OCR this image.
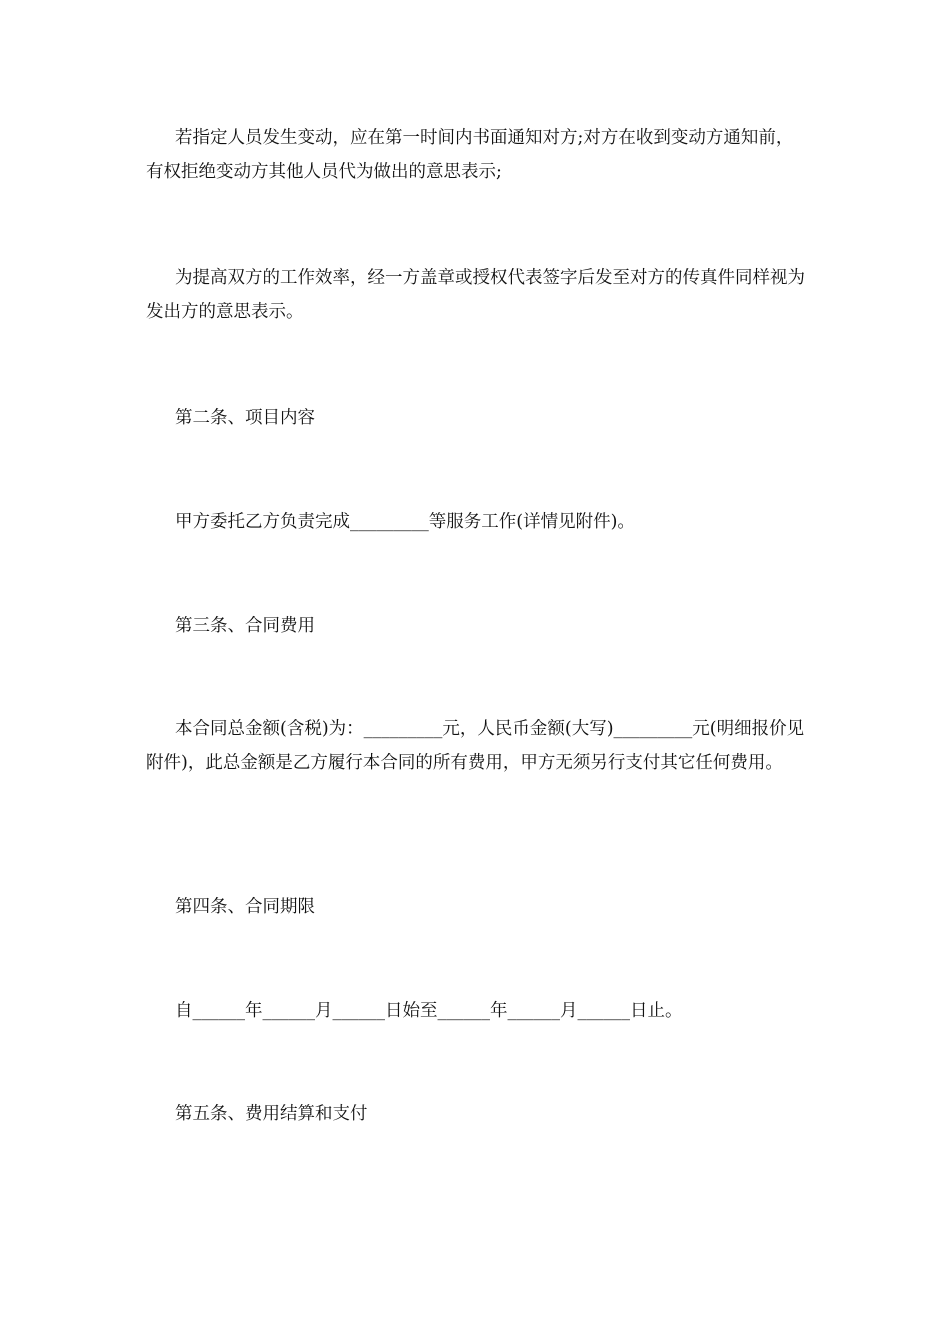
若指定人员发生变动，应在第一时间内书面通知对方;对方在收到变动方通知前，有权拒绝变动方其他人员代为做出的意思表示;

为提高双方的工作效率，经一方盖章或授权代表签字后发至对方的传真件同样视为发出方的意思表示。

第二条、项目内容

甲方委托乙方负责完成_________等服务工作(详情见附件)。

第三条、合同费用

本合同总金额(含税)为：_________元，人民币金额(大写)_________元(明细报价见附件)，此总金额是乙方履行本合同的所有费用，甲方无须另行支付其它任何费用。

第四条、合同期限

自______年______月______日始至______年______月______日止。

第五条、费用结算和支付
